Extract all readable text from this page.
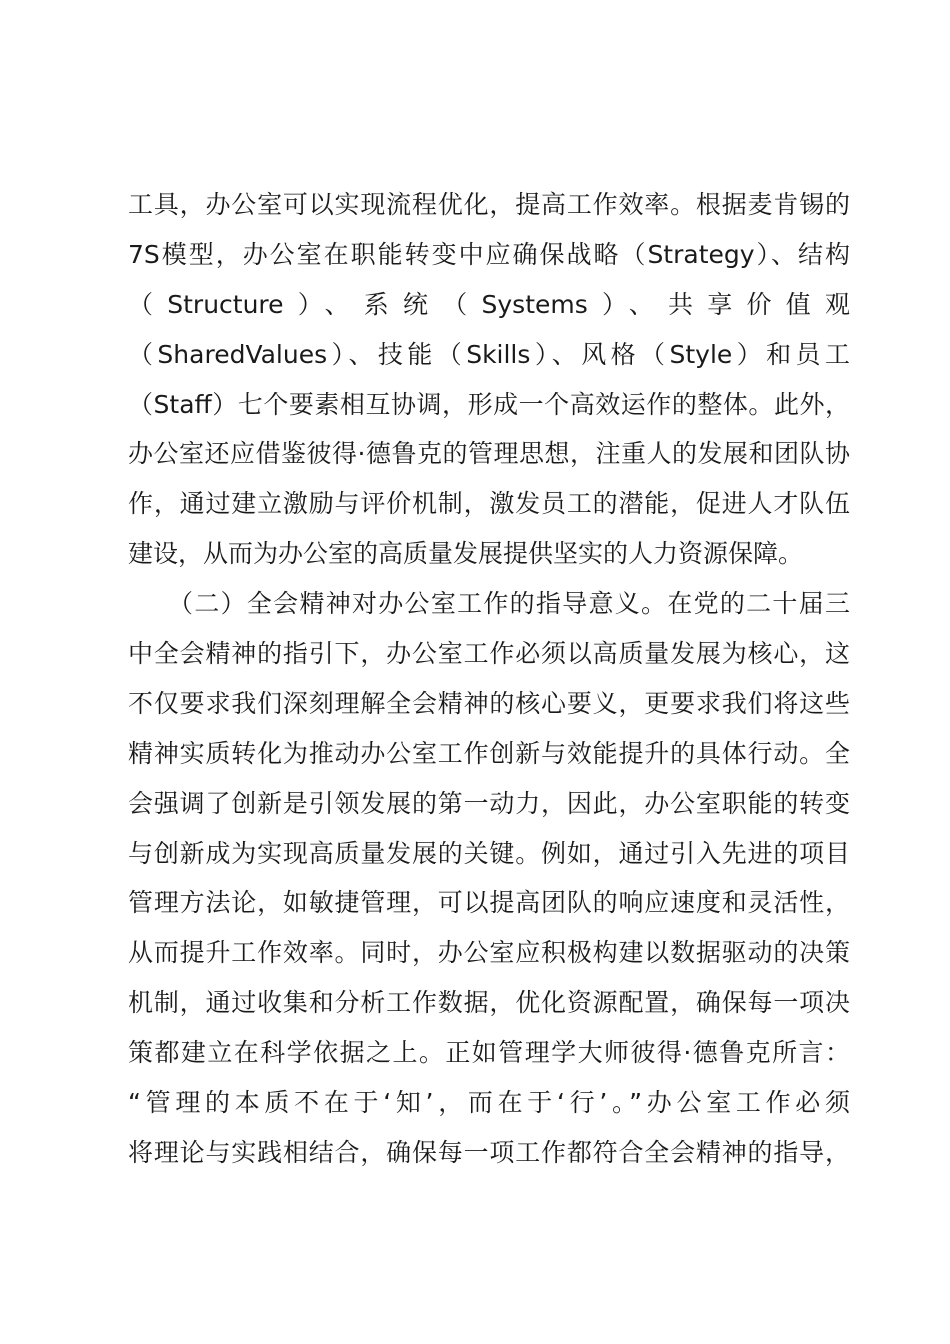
工具，办公室可以实现流程优化，提高工作效率。根据麦肯锡的
7S模型，办公室在职能转变中应确保战略（Strategy）、结构
（Structure）、系统（Systems）、共享价值观
（SharedValues）、技能（Skills）、风格（Style）和员工
（Staff）七个要素相互协调，形成一个高效运作的整体。此外，
办公室还应借鉴彼得·德鲁克的管理思想，注重人的发展和团队协
作，通过建立激励与评价机制，激发员工的潜能，促进人才队伍
建设，从而为办公室的高质量发展提供坚实的人力资源保障。
　　（二）全会精神对办公室工作的指导意义。在党的二十届三
中全会精神的指引下，办公室工作必须以高质量发展为核心，这
不仅要求我们深刻理解全会精神的核心要义，更要求我们将这些
精神实质转化为推动办公室工作创新与效能提升的具体行动。全
会强调了创新是引领发展的第一动力，因此，办公室职能的转变
与创新成为实现高质量发展的关键。例如，通过引入先进的项目
管理方法论，如敏捷管理，可以提高团队的响应速度和灵活性，
从而提升工作效率。同时，办公室应积极构建以数据驱动的决策
机制，通过收集和分析工作数据，优化资源配置，确保每一项决
策都建立在科学依据之上。正如管理学大师彼得·德鲁克所言：
“管理的本质不在于‘知’，而在于‘行’。”办公室工作必须
将理论与实践相结合，确保每一项工作都符合全会精神的指导，
